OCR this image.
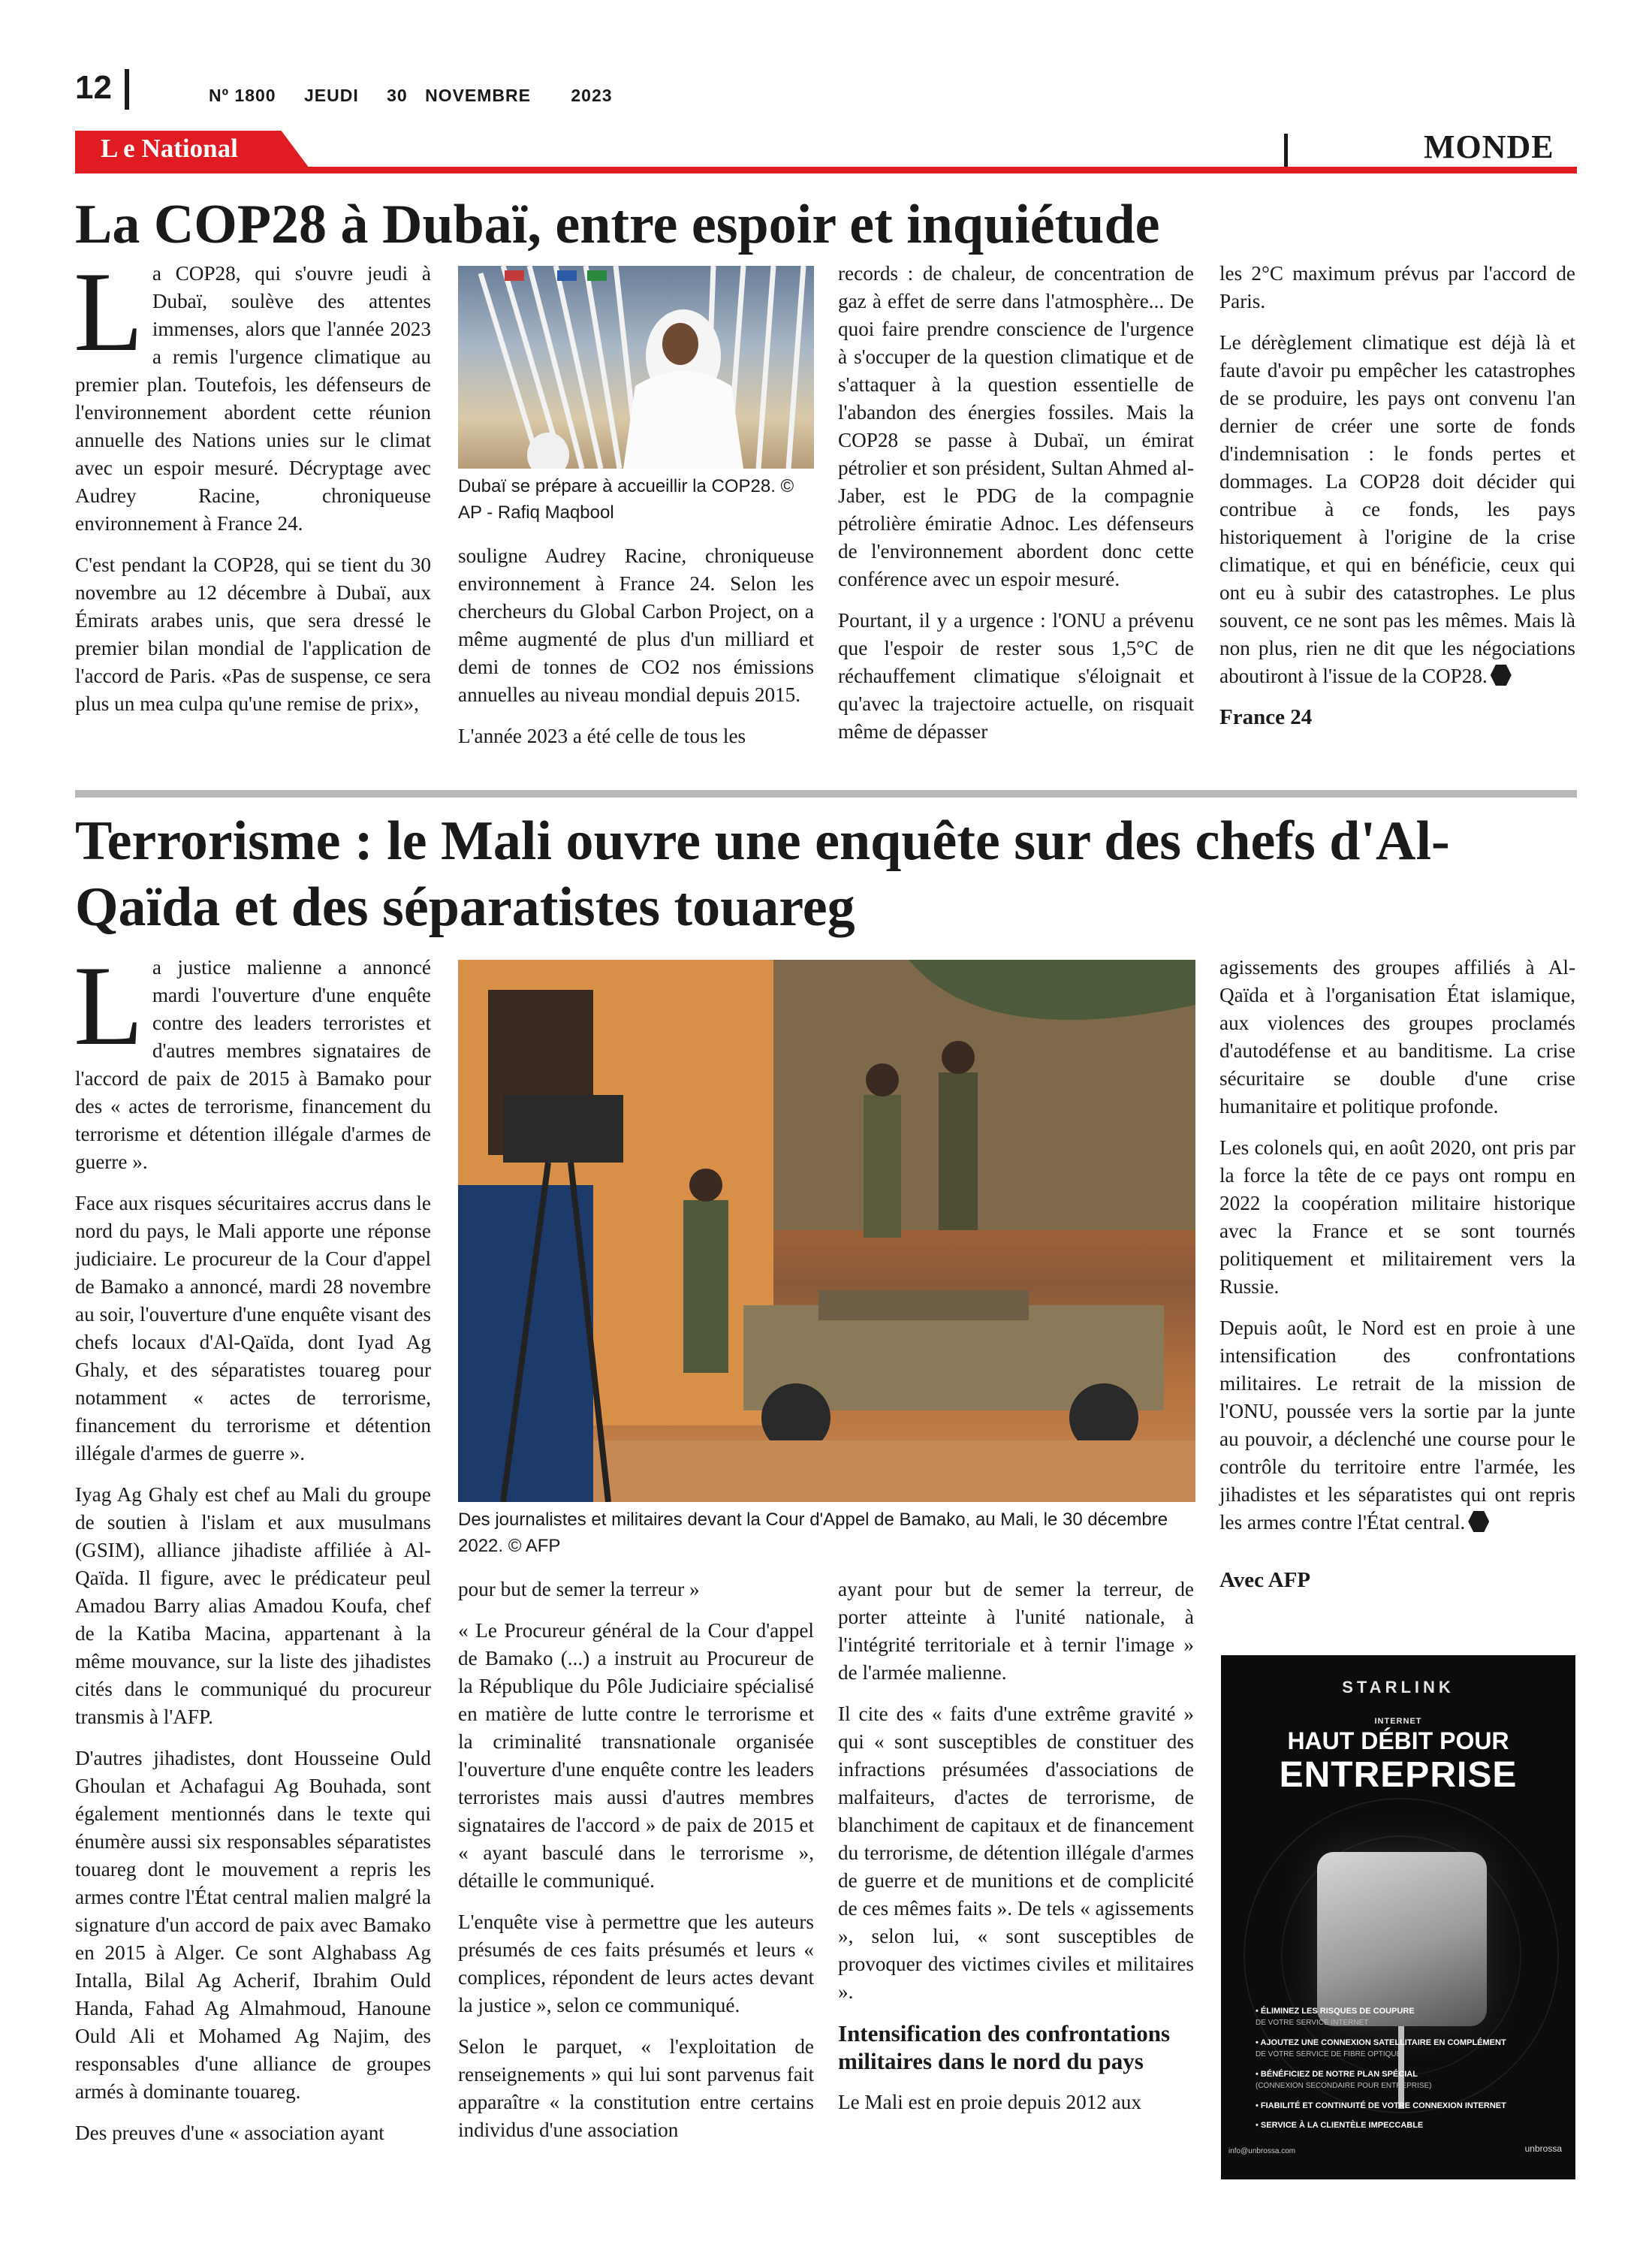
12	Nº 1800 JEUDI 30 NOVEMBRE 2023
L e National	MONDE
La COP28 à Dubaï, entre espoir et inquiétude

La COP28, qui s'ouvre jeudi à Dubaï, soulève des attentes immenses, alors que l'année 2023 a remis l'urgence climatique au premier plan. Toutefois, les défenseurs de l'environnement abordent cette réunion annuelle des Nations unies sur le climat avec un espoir mesuré. Décryptage avec Audrey Racine, chroniqueuse environnement à France 24.

C'est pendant la COP28, qui se tient du 30 novembre au 12 décembre à Dubaï, aux Émirats arabes unis, que sera dressé le premier bilan mondial de l'application de l'accord de Paris. «Pas de suspense, ce sera plus un mea culpa qu'une remise de prix»,

Dubaï se prépare à accueillir la COP28. © AP - Rafiq Maqbool

souligne Audrey Racine, chroniqueuse environnement à France 24. Selon les chercheurs du Global Carbon Project, on a même augmenté de plus d'un milliard et demi de tonnes de CO2 nos émissions annuelles au niveau mondial depuis 2015.

L'année 2023 a été celle de tous les

records : de chaleur, de concentration de gaz à effet de serre dans l'atmosphère... De quoi faire prendre conscience de l'urgence à s'occuper de la question climatique et de s'attaquer à la question essentielle de l'abandon des énergies fossiles. Mais la COP28 se passe à Dubaï, un émirat pétrolier et son président, Sultan Ahmed al-Jaber, est le PDG de la compagnie pétrolière émiratie Adnoc. Les défenseurs de l'environnement abordent donc cette conférence avec un espoir mesuré.

Pourtant, il y a urgence : l'ONU a prévenu que l'espoir de rester sous 1,5°C de réchauffement climatique s'éloignait et qu'avec la trajectoire actuelle, on risquait même de dépasser

les 2°C maximum prévus par l'accord de Paris.

Le dérèglement climatique est déjà là et faute d'avoir pu empêcher les catastrophes de se produire, les pays ont convenu l'an dernier de créer une sorte de fonds d'indemnisation : le fonds pertes et dommages. La COP28 doit décider qui contribue à ce fonds, les pays historiquement à l'origine de la crise climatique, et qui en bénéficie, ceux qui ont eu à subir des catastrophes. Le plus souvent, ce ne sont pas les mêmes. Mais là non plus, rien ne dit que les négociations aboutiront à l'issue de la COP28.

France 24

Terrorisme : le Mali ouvre une enquête sur des chefs d'Al-Qaïda et des séparatistes touareg

La justice malienne a annoncé mardi l'ouverture d'une enquête contre des leaders terroristes et d'autres membres signataires de l'accord de paix de 2015 à Bamako pour des « actes de terrorisme, financement du terrorisme et détention illégale d'armes de guerre ».

Face aux risques sécuritaires accrus dans le nord du pays, le Mali apporte une réponse judiciaire. Le procureur de la Cour d'appel de Bamako a annoncé, mardi 28 novembre au soir, l'ouverture d'une enquête visant des chefs locaux d'Al-Qaïda, dont Iyad Ag Ghaly, et des séparatistes touareg pour notamment « actes de terrorisme, financement du terrorisme et détention illégale d'armes de guerre ».

Iyag Ag Ghaly est chef au Mali du groupe de soutien à l'islam et aux musulmans (GSIM), alliance jihadiste affiliée à Al-Qaïda. Il figure, avec le prédicateur peul Amadou Barry alias Amadou Koufa, chef de la Katiba Macina, appartenant à la même mouvance, sur la liste des jihadistes cités dans le communiqué du procureur transmis à l'AFP.

D'autres jihadistes, dont Housseine Ould Ghoulan et Achafagui Ag Bouhada, sont également mentionnés dans le texte qui énumère aussi six responsables séparatistes touareg dont le mouvement a repris les armes contre l'État central malien malgré la signature d'un accord de paix avec Bamako en 2015 à Alger. Ce sont Alghabass Ag Intalla, Bilal Ag Acherif, Ibrahim Ould Handa, Fahad Ag Almahmoud, Hanoune Ould Ali et Mohamed Ag Najim, des responsables d'une alliance de groupes armés à dominante touareg.

Des preuves d'une « association ayant

Des journalistes et militaires devant la Cour d'Appel de Bamako, au Mali, le 30 décembre 2022. © AFP

pour but de semer la terreur »

« Le Procureur général de la Cour d'appel de Bamako (...) a instruit au Procureur de la République du Pôle Judiciaire spécialisé en matière de lutte contre le terrorisme et la criminalité transnationale organisée l'ouverture d'une enquête contre les leaders terroristes mais aussi d'autres membres signataires de l'accord » de paix de 2015 et « ayant basculé dans le terrorisme », détaille le communiqué.

L'enquête vise à permettre que les auteurs présumés de ces faits présumés et leurs « complices, répondent de leurs actes devant la justice », selon ce communiqué.

Selon le parquet, « l'exploitation de renseignements » qui lui sont parvenus fait apparaître « la constitution entre certains individus d'une association

ayant pour but de semer la terreur, de porter atteinte à l'unité nationale, à l'intégrité territoriale et à ternir l'image » de l'armée malienne.

Il cite des « faits d'une extrême gravité » qui « sont susceptibles de constituer des infractions présumées d'associations de malfaiteurs, d'actes de terrorisme, de blanchiment de capitaux et de financement du terrorisme, de détention illégale d'armes de guerre et de munitions et de complicité de ces mêmes faits ». De tels « agissements », selon lui, « sont susceptibles de provoquer des victimes civiles et militaires ».

Intensification des confrontations militaires dans le nord du pays

Le Mali est en proie depuis 2012 aux

agissements des groupes affiliés à Al-Qaïda et à l'organisation État islamique, aux violences des groupes proclamés d'autodéfense et au banditisme. La crise sécuritaire se double d'une crise humanitaire et politique profonde.

Les colonels qui, en août 2020, ont pris par la force la tête de ce pays ont rompu en 2022 la coopération militaire historique avec la France et se sont tournés politiquement et militairement vers la Russie.

Depuis août, le Nord est en proie à une intensification des confrontations militaires. Le retrait de la mission de l'ONU, poussée vers la sortie par la junte au pouvoir, a déclenché une course pour le contrôle du territoire entre l'armée, les jihadistes et les séparatistes qui ont repris les armes contre l'État central.

Avec AFP

STARLINK
INTERNET
HAUT DÉBIT POUR
ENTREPRISE
• ÉLIMINEZ LES RISQUES DE COUPURE
DE VOTRE SERVICE INTERNET
• AJOUTEZ UNE CONNEXION SATELLITAIRE EN COMPLÉMENT
DE VOTRE SERVICE DE FIBRE OPTIQUE
• BÉNÉFICIEZ DE NOTRE PLAN SPÉCIAL
(CONNEXION SECONDAIRE POUR ENTREPRISE)
• FIABILITÉ ET CONTINUITÉ DE VOTRE CONNEXION INTERNET
• SERVICE À LA CLIENTÈLE IMPECCABLE
info@unbrossa.com	unbrossa
